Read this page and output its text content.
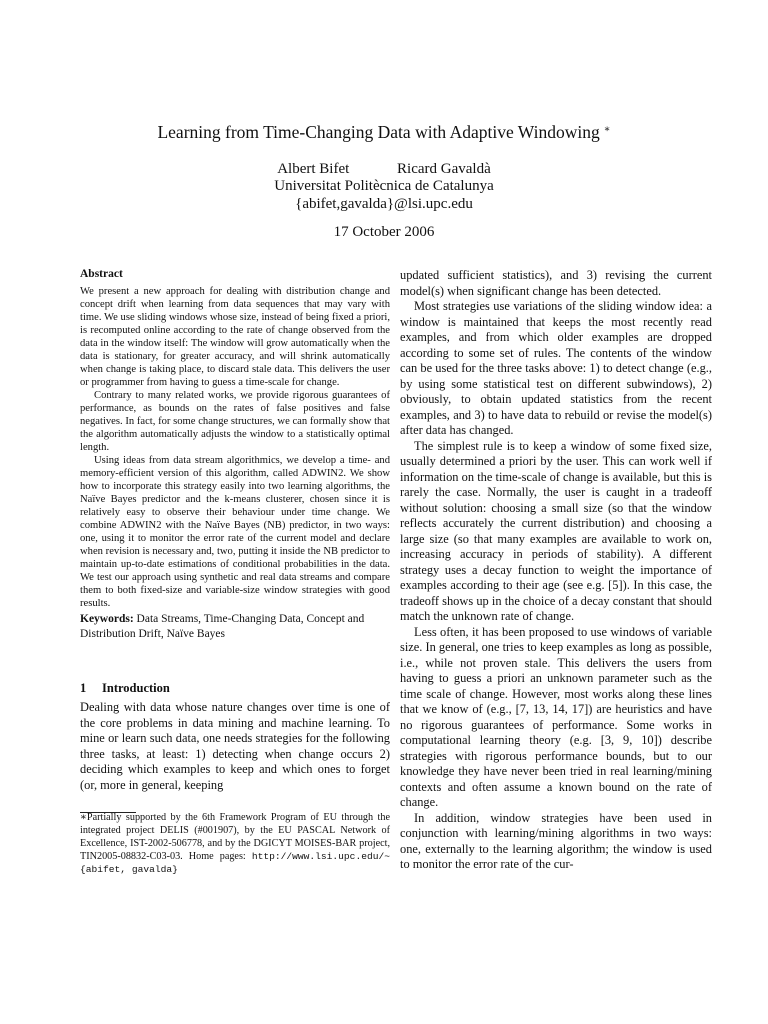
Learning from Time-Changing Data with Adaptive Windowing ∗
Albert Bifet	Ricard Gavaldà
Universitat Politècnica de Catalunya
{abifet,gavalda}@lsi.upc.edu
17 October 2006
Abstract

We present a new approach for dealing with distribution change and concept drift when learning from data sequences that may vary with time. We use sliding windows whose size, instead of being fixed a priori, is recomputed online according to the rate of change observed from the data in the window itself: The window will grow automatically when the data is stationary, for greater accuracy, and will shrink automatically when change is taking place, to discard stale data. This delivers the user or programmer from having to guess a time-scale for change.

Contrary to many related works, we provide rigorous guarantees of performance, as bounds on the rates of false positives and false negatives. In fact, for some change structures, we can formally show that the algorithm automatically adjusts the window to a statistically optimal length.

Using ideas from data stream algorithmics, we develop a time- and memory-efficient version of this algorithm, called ADWIN2. We show how to incorporate this strategy easily into two learning algorithms, the Naïve Bayes predictor and the k-means clusterer, chosen since it is relatively easy to observe their behaviour under time change. We combine ADWIN2 with the Naïve Bayes (NB) predictor, in two ways: one, using it to monitor the error rate of the current model and declare when revision is necessary and, two, putting it inside the NB predictor to maintain up-to-date estimations of conditional probabilities in the data. We test our approach using synthetic and real data streams and compare them to both fixed-size and variable-size window strategies with good results.

Keywords: Data Streams, Time-Changing Data, Concept and Distribution Drift, Naïve Bayes
1 Introduction

Dealing with data whose nature changes over time is one of the core problems in data mining and machine learning. To mine or learn such data, one needs strategies for the following three tasks, at least: 1) detecting when change occurs 2) deciding which examples to keep and which ones to forget (or, more in general, keeping

∗Partially supported by the 6th Framework Program of EU through the integrated project DELIS (#001907), by the EU PASCAL Network of Excellence, IST-2002-506778, and by the DGICYT MOISES-BAR project, TIN2005-08832-C03-03. Home pages: http://www.lsi.upc.edu/~{abifet, gavalda}

updated sufficient statistics), and 3) revising the current model(s) when significant change has been detected.

Most strategies use variations of the sliding window idea: a window is maintained that keeps the most recently read examples, and from which older examples are dropped according to some set of rules. The contents of the window can be used for the three tasks above: 1) to detect change (e.g., by using some statistical test on different subwindows), 2) obviously, to obtain updated statistics from the recent examples, and 3) to have data to rebuild or revise the model(s) after data has changed.

The simplest rule is to keep a window of some fixed size, usually determined a priori by the user. This can work well if information on the time-scale of change is available, but this is rarely the case. Normally, the user is caught in a tradeoff without solution: choosing a small size (so that the window reflects accurately the current distribution) and choosing a large size (so that many examples are available to work on, increasing accuracy in periods of stability). A different strategy uses a decay function to weight the importance of examples according to their age (see e.g. [5]). In this case, the tradeoff shows up in the choice of a decay constant that should match the unknown rate of change.

Less often, it has been proposed to use windows of variable size. In general, one tries to keep examples as long as possible, i.e., while not proven stale. This delivers the users from having to guess a priori an unknown parameter such as the time scale of change. However, most works along these lines that we know of (e.g., [7, 13, 14, 17]) are heuristics and have no rigorous guarantees of performance. Some works in computational learning theory (e.g. [3, 9, 10]) describe strategies with rigorous performance bounds, but to our knowledge they have never been tried in real learning/mining contexts and often assume a known bound on the rate of change.

In addition, window strategies have been used in conjunction with learning/mining algorithms in two ways: one, externally to the learning algorithm; the window is used to monitor the error rate of the cur-
